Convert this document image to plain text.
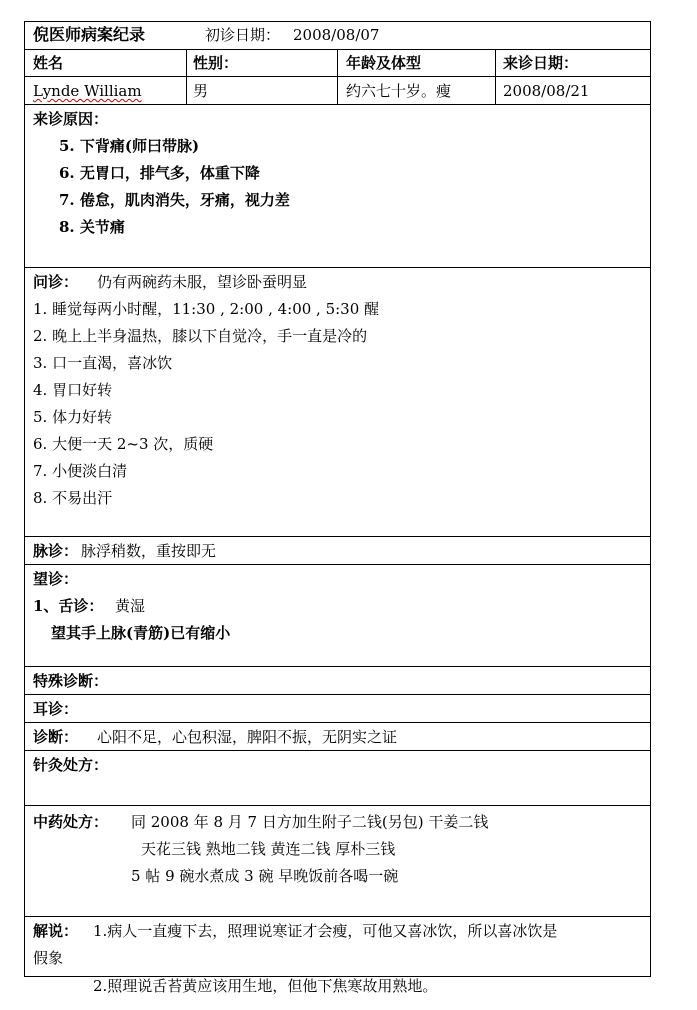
倪医师病案纪录	初诊日期： 2008/08/07
姓名	性别：	年龄及体型	来诊日期：
Lynde William	男	约六七十岁。瘦	2008/08/21
来诊原因：
5. 下背痛(师曰带脉)
6. 无胃口，排气多，体重下降
7. 倦怠，肌肉消失，牙痛，视力差
8. 关节痛
问诊： 仍有两碗药未服，望诊卧蚕明显
1. 睡觉每两小时醒，11:30 , 2:00 , 4:00 , 5:30 醒
2. 晚上上半身温热，膝以下自觉冷，手一直是冷的
3. 口一直渴，喜冰饮
4. 胃口好转
5. 体力好转
6. 大便一天 2~3 次，质硬
7. 小便淡白清
8. 不易出汗
脉诊： 脉浮稍数，重按即无
望诊：
1、舌诊： 黄湿
望其手上脉(青筋)已有缩小
特殊诊断：
耳诊：
诊断： 心阳不足，心包积湿，脾阳不振，无阴实之证
针灸处方：
中药处方： 同 2008 年 8 月 7 日方加生附子二钱(另包) 干姜二钱
天花三钱 熟地二钱 黄连二钱 厚朴三钱
5 帖 9 碗水煮成 3 碗 早晚饭前各喝一碗
解说： 1.病人一直瘦下去，照理说寒证才会瘦，可他又喜冰饮，所以喜冰饮是
假象
2.照理说舌苔黄应该用生地，但他下焦寒故用熟地。
